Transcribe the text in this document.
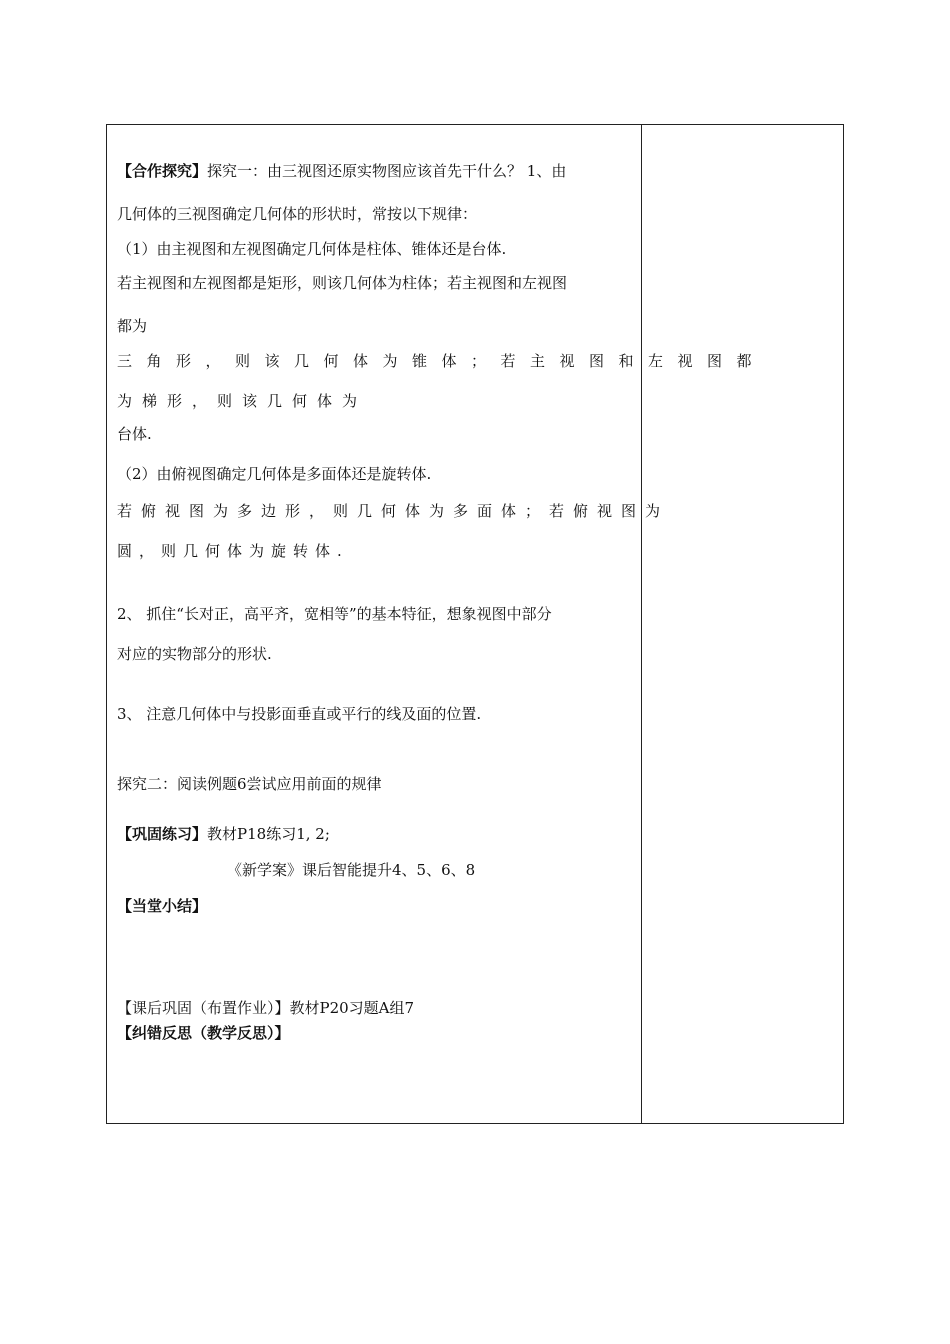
【合作探究】探究一：由三视图还原实物图应该首先干什么？ 1、由
几何体的三视图确定几何体的形状时，常按以下规律：
（1）由主视图和左视图确定几何体是柱体、锥体还是台体.
若主视图和左视图都是矩形，则该几何体为柱体；若主视图和左视图
都为
三角形，则该几何体为锥体；若主视图和左视图都
为梯形，则该几何体为
台体.
（2）由俯视图确定几何体是多面体还是旋转体.
若俯视图为多边形，则几何体为多面体；若俯视图为
圆，则几何体为旋转体.
2、 抓住“长对正，高平齐，宽相等”的基本特征，想象视图中部分
对应的实物部分的形状.
3、 注意几何体中与投影面垂直或平行的线及面的位置.
探究二：阅读例题6尝试应用前面的规律
【巩固练习】教材P18练习1, 2;
《新学案》课后智能提升4、5、6、8
【当堂小结】
【课后巩固（布置作业）】教材P20习题A组7
【纠错反思（教学反思）】
